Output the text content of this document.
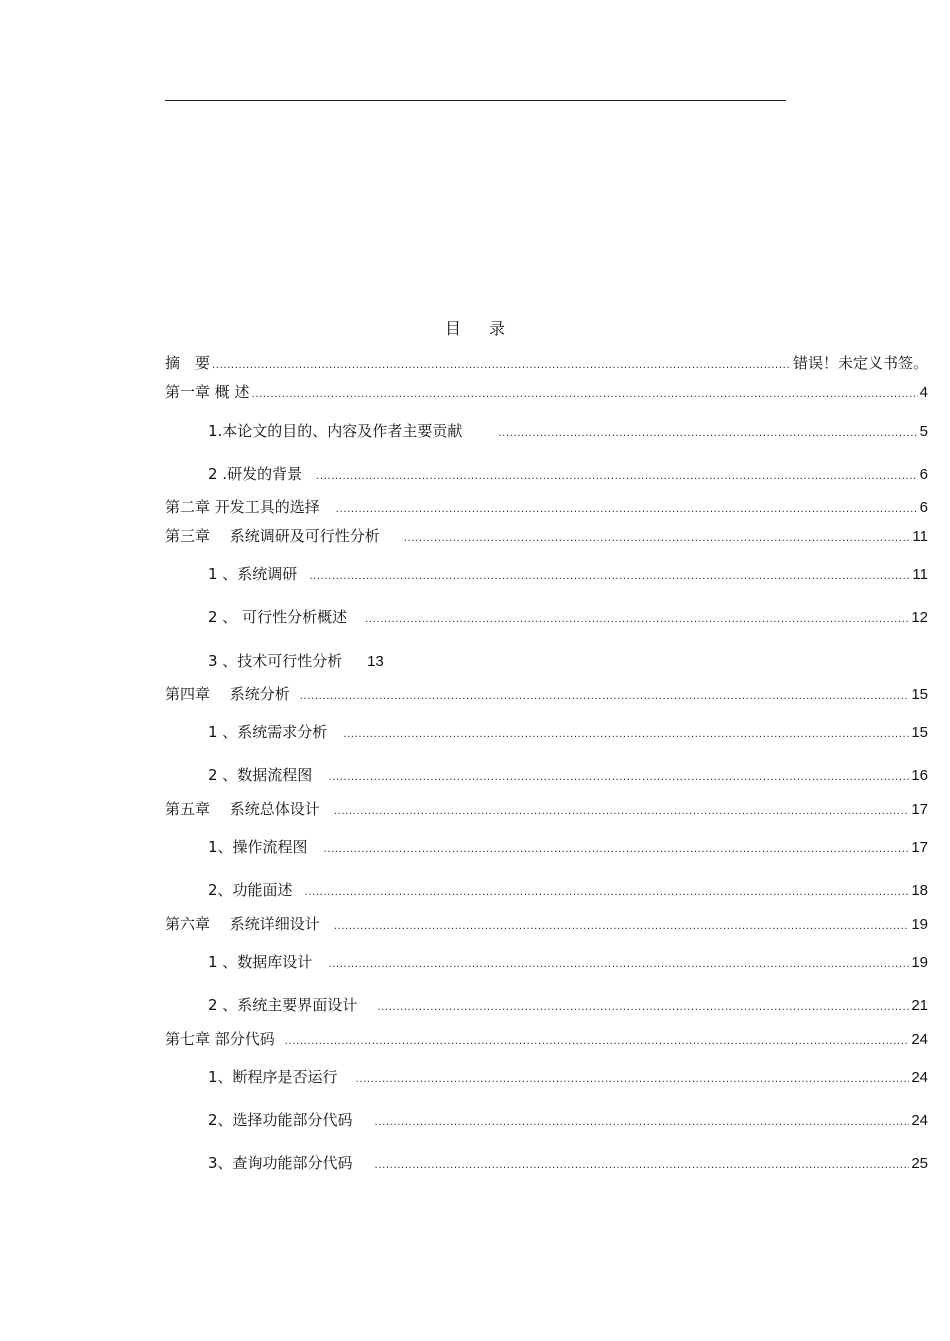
目录
摘　要 .....	错误！未定义书签。
第一章 概 述 .....	4
1.本论文的目的、内容及作者主要贡献 .....	5
2 .研发的背景 .....	6
第二章 开发工具的选择 .....	6
第三章　 系统调研及可行性分析 .....	11
1 、系统调研 .....	11
2 、 可行性分析概述 .....	12
3 、技术可行性分析 13
第四章　 系统分析 .....	15
1 、系统需求分析 .....	15
2 、数据流程图 .....	16
第五章　 系统总体设计 .....	17
1、操作流程图 .....	17
2、功能面述 .....	18
第六章　 系统详细设计 .....	19
1 、数据库设计 .....	19
2 、系统主要界面设计 .....	21
第七章 部分代码 .....	24
1、断程序是否运行 .....	24
2、选择功能部分代码 .....	24
3、查询功能部分代码 .....	25
